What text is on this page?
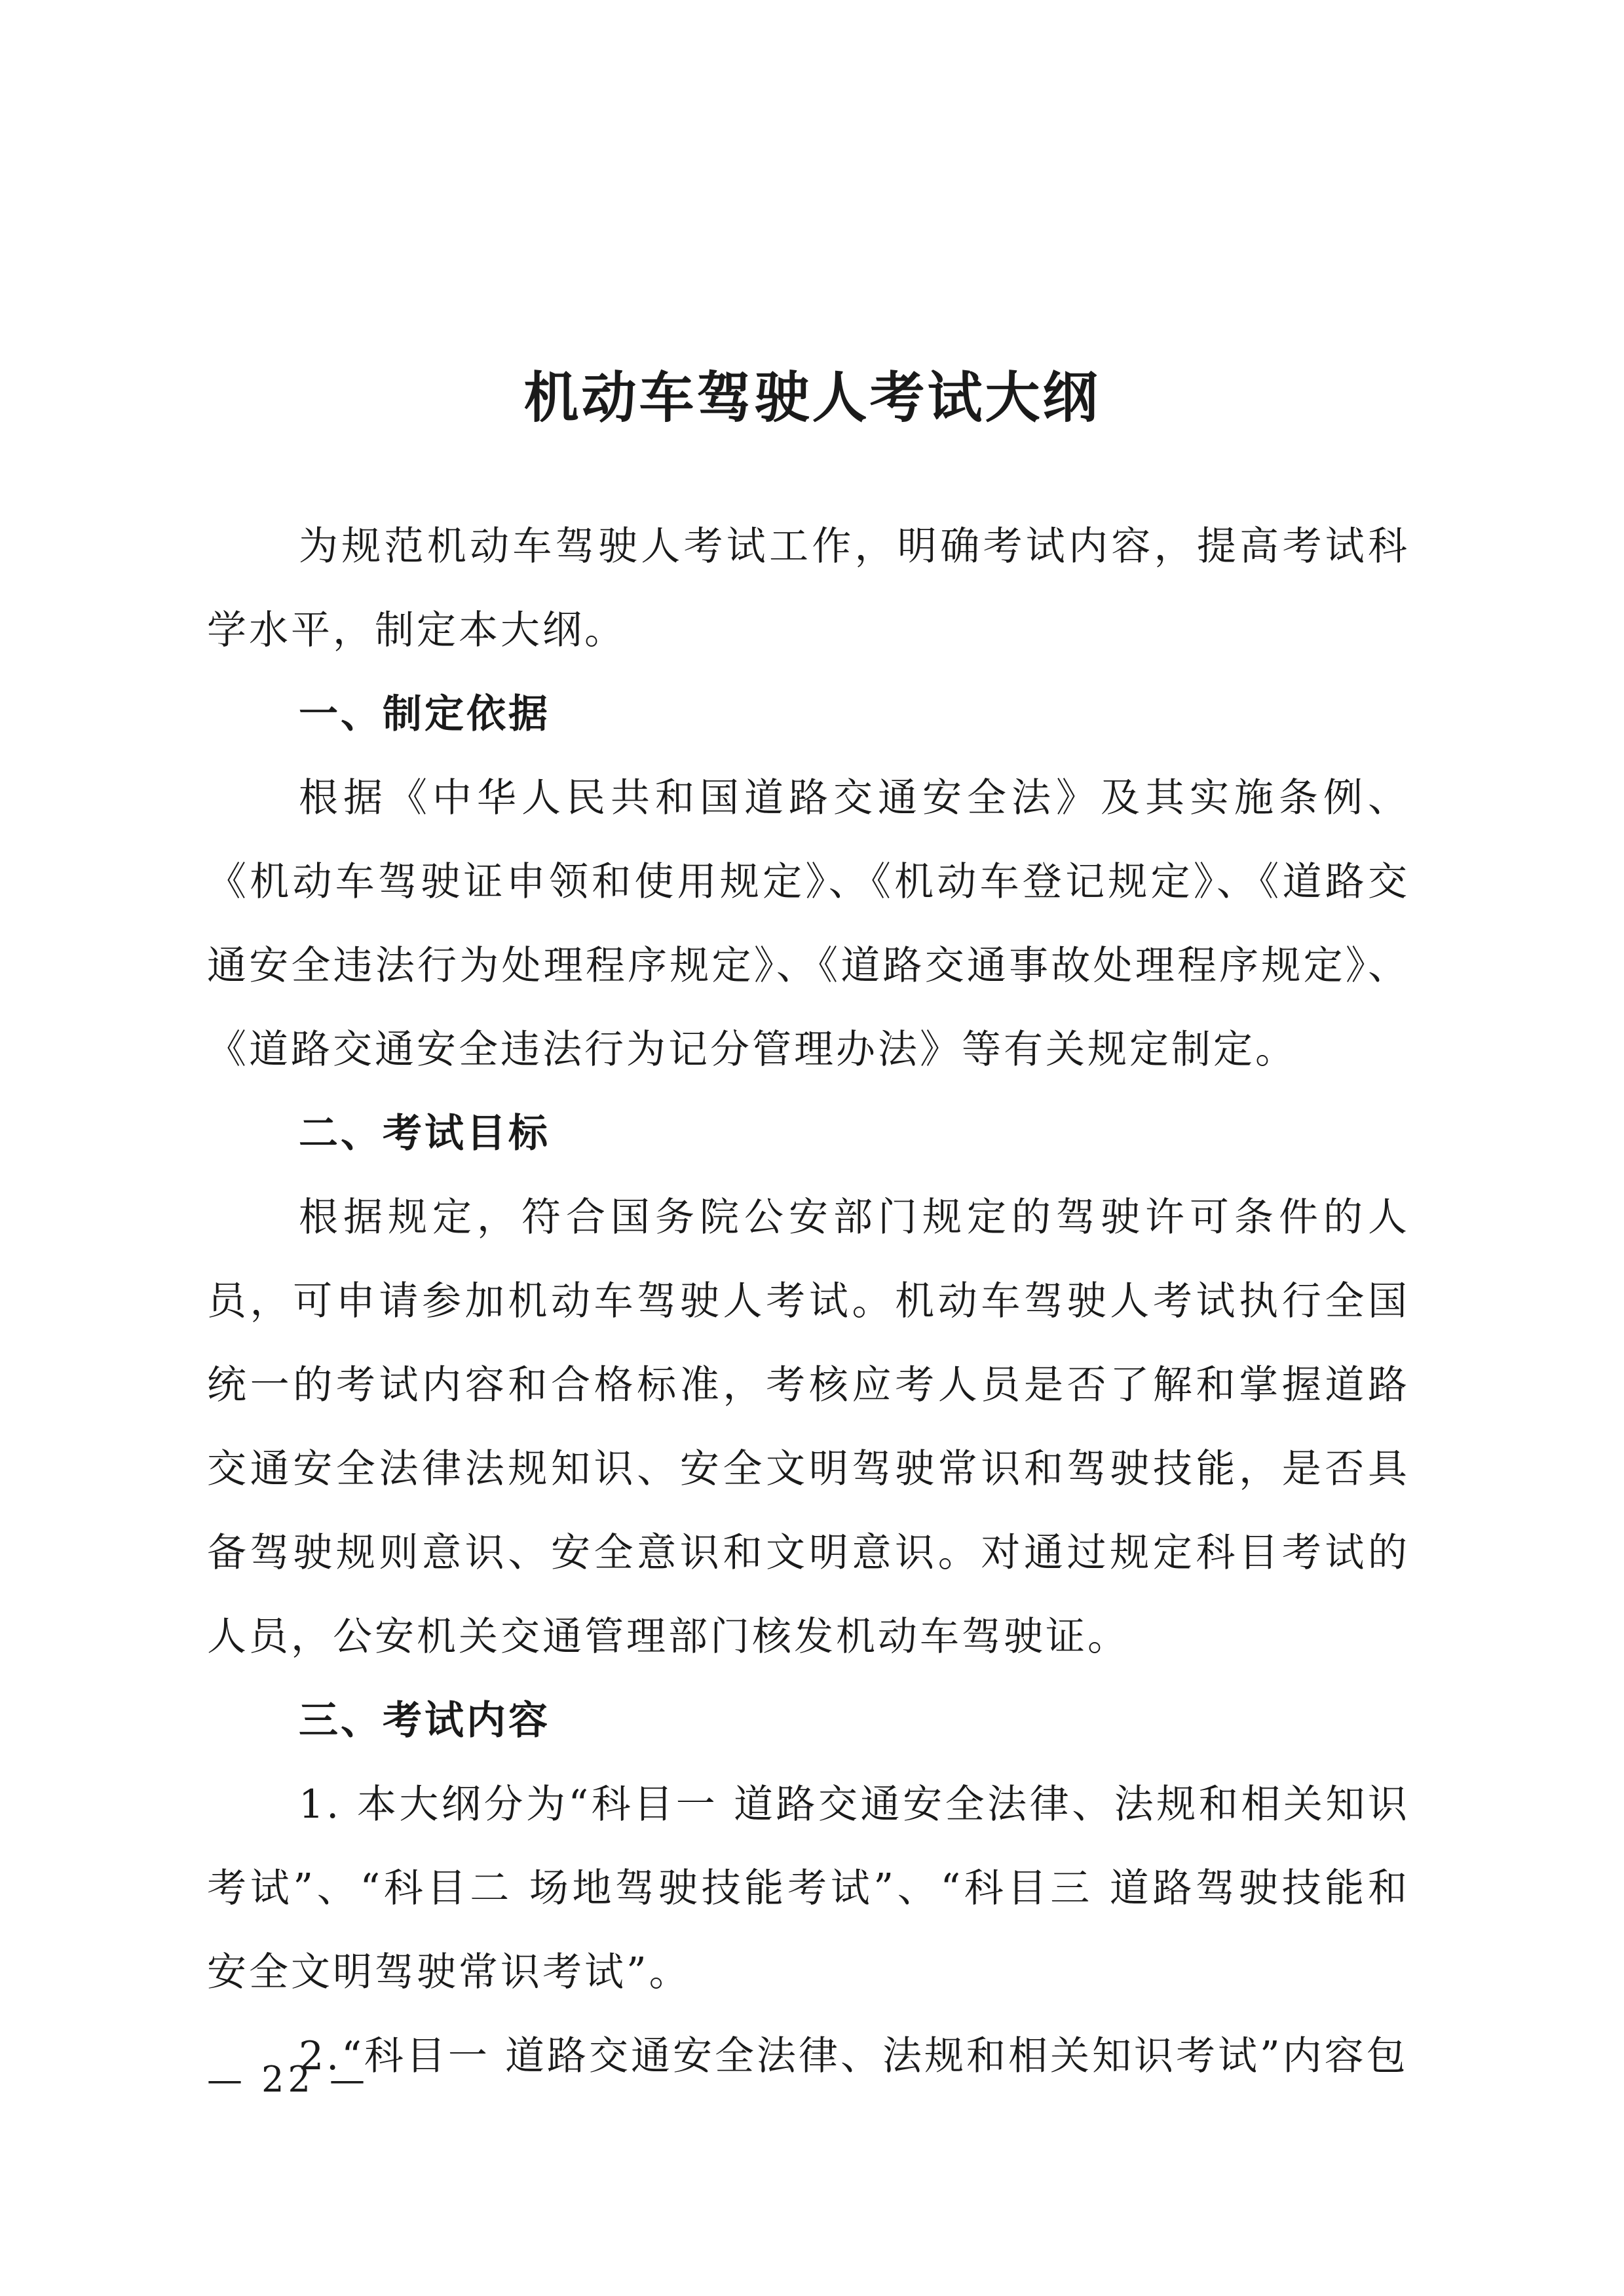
机动车驾驶人考试大纲

为规范机动车驾驶人考试工作，明确考试内容，提高考试科学水平，制定本大纲。

一、制定依据

根据《中华人民共和国道路交通安全法》及其实施条例、《机动车驾驶证申领和使用规定》、《机动车登记规定》、《道路交通安全违法行为处理程序规定》、《道路交通事故处理程序规定》、《道路交通安全违法行为记分管理办法》等有关规定制定。

二、考试目标

根据规定，符合国务院公安部门规定的驾驶许可条件的人员，可申请参加机动车驾驶人考试。机动车驾驶人考试执行全国统一的考试内容和合格标准，考核应考人员是否了解和掌握道路交通安全法律法规知识、安全文明驾驶常识和驾驶技能，是否具备驾驶规则意识、安全意识和文明意识。对通过规定科目考试的人员，公安机关交通管理部门核发机动车驾驶证。

三、考试内容

1. 本大纲分为“科目一 道路交通安全法律、法规和相关知识考试”、“科目二 场地驾驶技能考试”、“科目三 道路驾驶技能和安全文明驾驶常识考试”。

2.“科目一 道路交通安全法律、法规和相关知识考试”内容包

— 22 —
